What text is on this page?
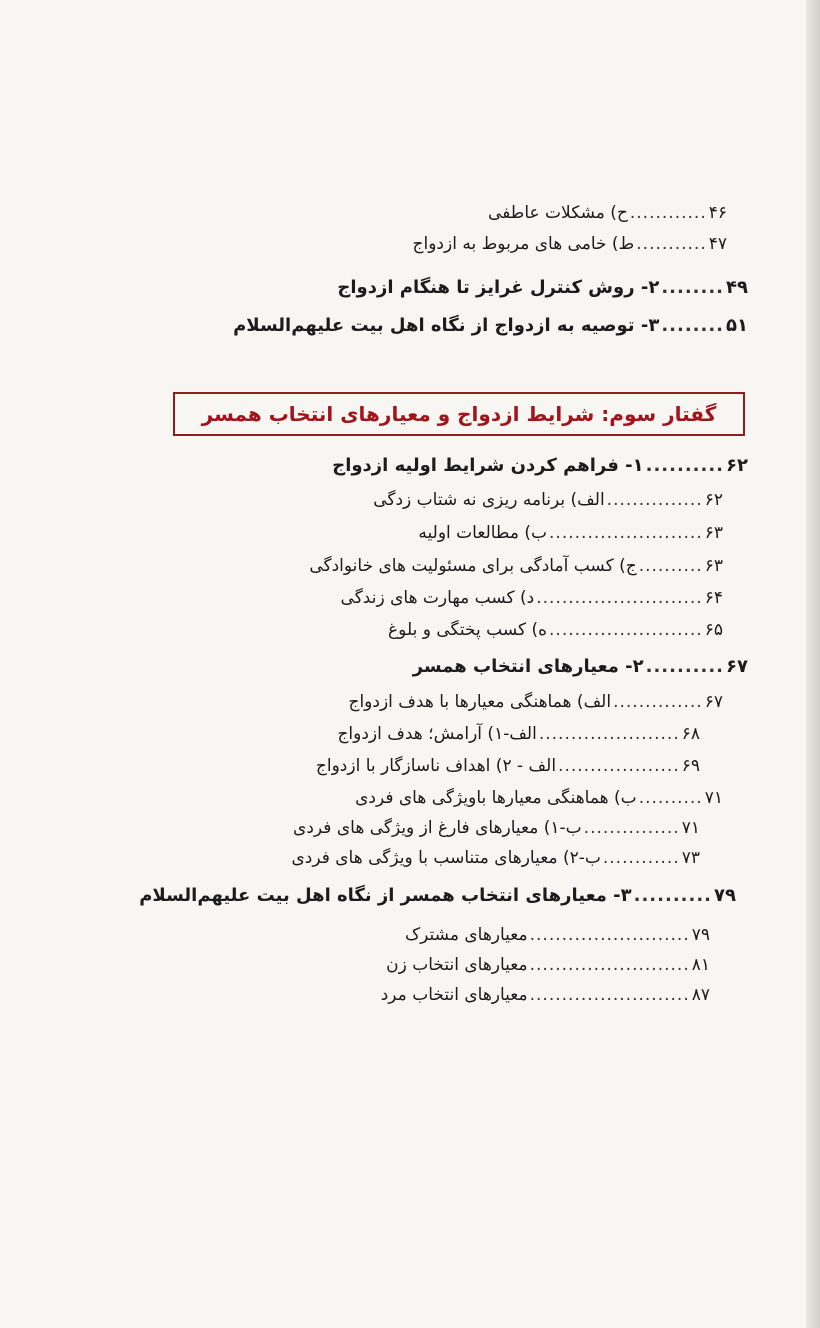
۴۶
............
ح) مشکلات عاطفی
۴۷
...........
ط) خامی های مربوط به ازدواج
۴۹
........
۲- روش کنترل غرایز تا هنگام ازدواج
۵۱
........
۳- توصیه به ازدواج از نگاه اهل بیت علیهم‌السلام
گفتار سوم: شرایط ازدواج و معیارهای انتخاب همسر
۶۲
..........
۱- فراهم کردن شرایط اولیه ازدواج
۶۲
...............
الف) برنامه ریزی نه شتاب زدگی
۶۳
........................
ب) مطالعات اولیه
۶۳
..........
ج) کسب آمادگی برای مسئولیت های خانوادگی
۶۴
..........................
د) کسب مهارت های زندگی
۶۵
........................
ه) کسب پختگی و بلوغ
۶۷
..........
۲- معیارهای انتخاب همسر
۶۷
..............
الف) هماهنگی معیارها با هدف ازدواج
۶۸
......................
الف-۱) آرامش؛ هدف ازدواج
۶۹
...................
الف - ۲) اهداف ناسازگار با ازدواج
۷۱
..........
ب) هماهنگی معیارها باویژگی های فردی
۷۱
...............
ب-۱) معیارهای فارغ از ویژگی های فردی
۷۳
............
ب-۲) معیارهای متناسب با ویژگی های فردی
۷۹
..........
۳- معیارهای انتخاب همسر از نگاه اهل بیت علیهم‌السلام
۷۹
.........................
معیارهای مشترک
۸۱
.........................
معیارهای انتخاب زن
۸۷
.........................
معیارهای انتخاب مرد
